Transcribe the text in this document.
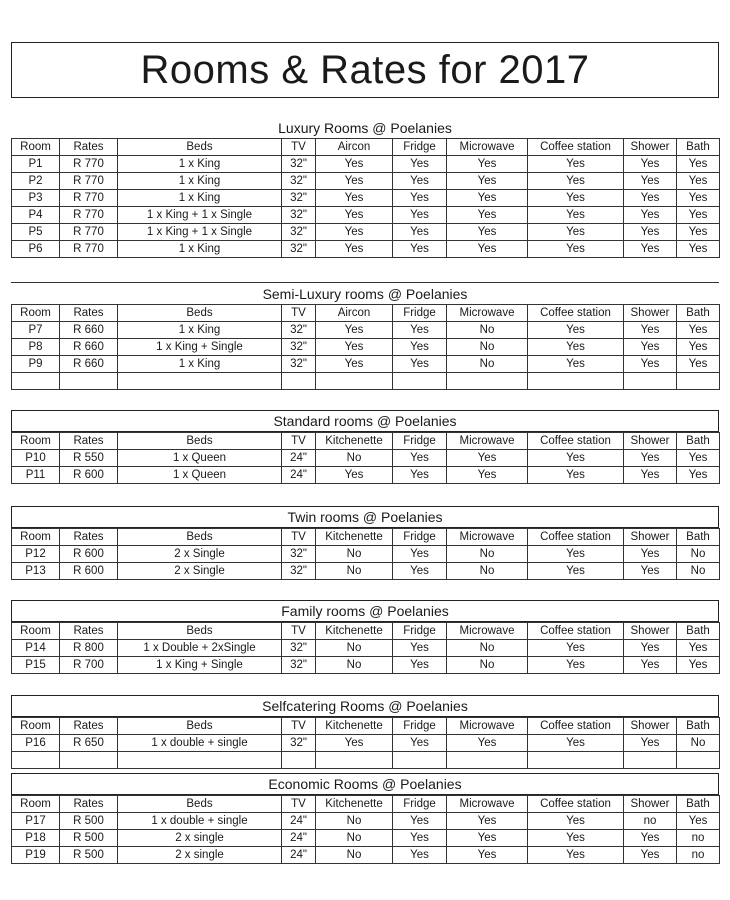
Rooms & Rates for 2017
Luxury Rooms @ Poelanies
Room	Rates	Beds	TV	Aircon	Fridge	Microwave	Coffee station	Shower	Bath
P1	R 770	1 x King	32"	Yes	Yes	Yes	Yes	Yes	Yes
P2	R 770	1 x King	32"	Yes	Yes	Yes	Yes	Yes	Yes
P3	R 770	1 x King	32"	Yes	Yes	Yes	Yes	Yes	Yes
P4	R 770	1 x King + 1 x Single	32"	Yes	Yes	Yes	Yes	Yes	Yes
P5	R 770	1 x King + 1 x Single	32"	Yes	Yes	Yes	Yes	Yes	Yes
P6	R 770	1 x King	32"	Yes	Yes	Yes	Yes	Yes	Yes
Semi-Luxury rooms @ Poelanies
Room	Rates	Beds	TV	Aircon	Fridge	Microwave	Coffee station	Shower	Bath
P7	R 660	1 x King	32"	Yes	Yes	No	Yes	Yes	Yes
P8	R 660	1 x King + Single	32"	Yes	Yes	No	Yes	Yes	Yes
P9	R 660	1 x King	32"	Yes	Yes	No	Yes	Yes	Yes

Standard rooms @ Poelanies
Room	Rates	Beds	TV	Kitchenette	Fridge	Microwave	Coffee station	Shower	Bath
P10	R 550	1 x Queen	24"	No	Yes	Yes	Yes	Yes	Yes
P11	R 600	1 x Queen	24"	Yes	Yes	Yes	Yes	Yes	Yes
Twin rooms @ Poelanies
Room	Rates	Beds	TV	Kitchenette	Fridge	Microwave	Coffee station	Shower	Bath
P12	R 600	2 x Single	32"	No	Yes	No	Yes	Yes	No
P13	R 600	2 x Single	32"	No	Yes	No	Yes	Yes	No
Family rooms @ Poelanies
Room	Rates	Beds	TV	Kitchenette	Fridge	Microwave	Coffee station	Shower	Bath
P14	R 800	1 x Double + 2xSingle	32"	No	Yes	No	Yes	Yes	Yes
P15	R 700	1 x King + Single	32"	No	Yes	No	Yes	Yes	Yes
Selfcatering Rooms @ Poelanies
Room	Rates	Beds	TV	Kitchenette	Fridge	Microwave	Coffee station	Shower	Bath
P16	R 650	1 x double + single	32"	Yes	Yes	Yes	Yes	Yes	No

Economic Rooms @ Poelanies
Room	Rates	Beds	TV	Kitchenette	Fridge	Microwave	Coffee station	Shower	Bath
P17	R 500	1 x double + single	24"	No	Yes	Yes	Yes	no	Yes
P18	R 500	2 x single	24"	No	Yes	Yes	Yes	Yes	no
P19	R 500	2 x single	24"	No	Yes	Yes	Yes	Yes	no
